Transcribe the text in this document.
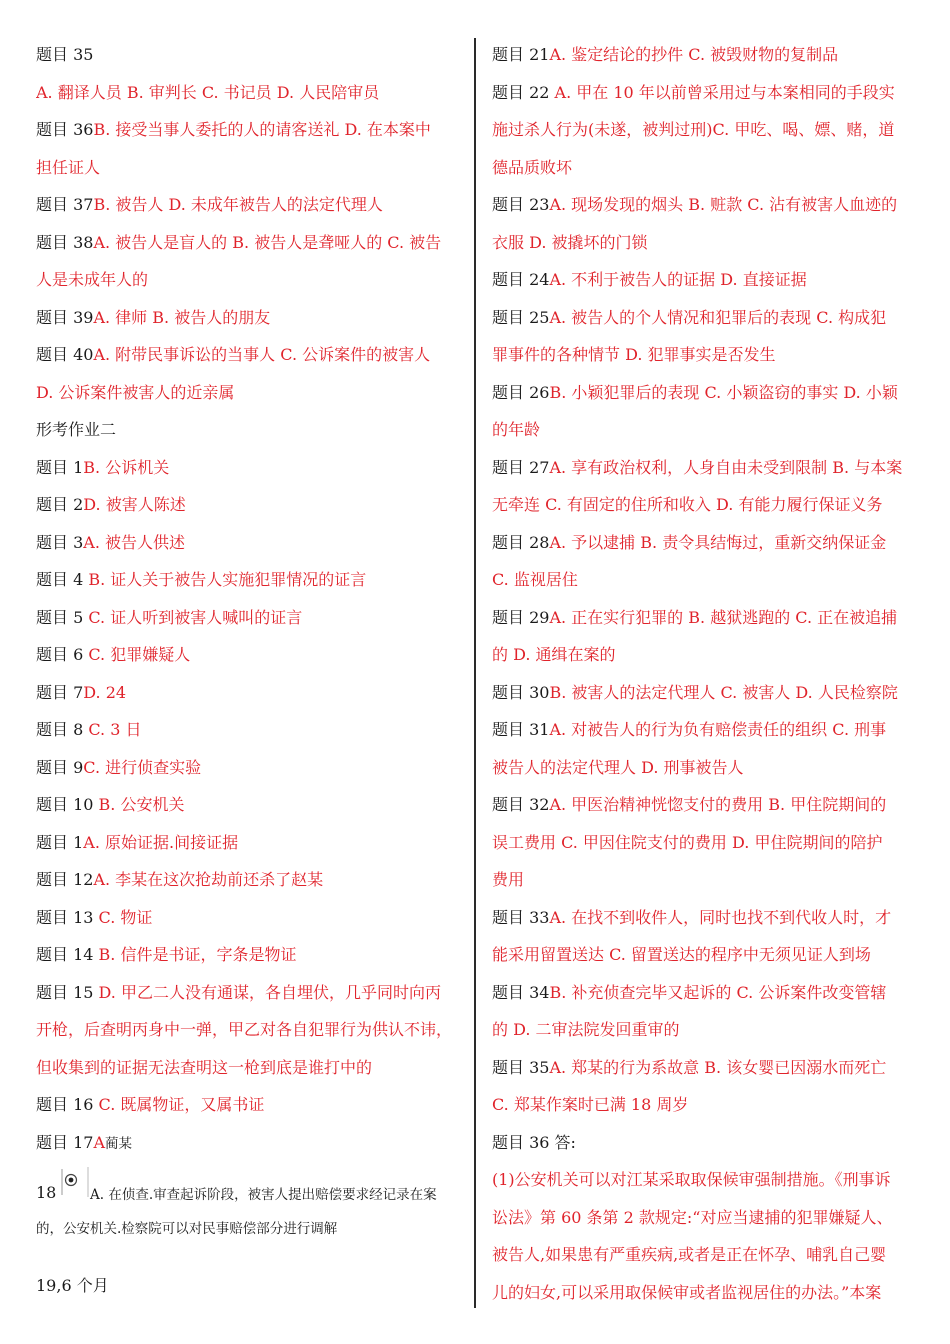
题目 35
A. 翻译人员 B. 审判长 C. 书记员 D. 人民陪审员
题目 36B. 接受当事人委托的人的请客送礼 D. 在本案中
担任证人
题目 37B. 被告人 D. 未成年被告人的法定代理人
题目 38A. 被告人是盲人的 B. 被告人是聋哑人的 C. 被告
人是未成年人的
题目 39A. 律师 B. 被告人的朋友
题目 40A. 附带民事诉讼的当事人 C. 公诉案件的被害人
D. 公诉案件被害人的近亲属
形考作业二
题目 1B. 公诉机关
题目 2D. 被害人陈述
题目 3A. 被告人供述
题目 4 B. 证人关于被告人实施犯罪情况的证言
题目 5 C. 证人听到被害人喊叫的证言
题目 6 C. 犯罪嫌疑人
题目 7D. 24
题目 8 C. 3 日
题目 9C. 进行侦查实验
题目 10 B. 公安机关
题目 1A. 原始证据.间接证据
题目 12A. 李某在这次抢劫前还杀了赵某
题目 13 C. 物证
题目 14 B. 信件是书证，字条是物证
题目 15 D. 甲乙二人没有通谋，各自埋伏，几乎同时向丙
开枪，后查明丙身中一弹，甲乙对各自犯罪行为供认不讳，
但收集到的证据无法查明这一枪到底是谁打中的
题目 16 C. 既属物证，又属书证
题目 17A蔺某
18 A. 在侦查.审查起诉阶段，被害人提出赔偿要求经记录在案
的，公安机关.检察院可以对民事赔偿部分进行调解
19,6 个月
题目 21A. 鉴定结论的抄件 C. 被毁财物的复制品
题目 22 A. 甲在 10 年以前曾采用过与本案相同的手段实
施过杀人行为(未遂，被判过刑)C. 甲吃、喝、嫖、赌，道
德品质败坏
题目 23A. 现场发现的烟头 B. 赃款 C. 沾有被害人血迹的
衣服 D. 被撬坏的门锁
题目 24A. 不利于被告人的证据 D. 直接证据
题目 25A. 被告人的个人情况和犯罪后的表现 C. 构成犯
罪事件的各种情节 D. 犯罪事实是否发生
题目 26B. 小颖犯罪后的表现 C. 小颖盗窃的事实 D. 小颖
的年龄
题目 27A. 享有政治权利，人身自由未受到限制 B. 与本案
无牵连 C. 有固定的住所和收入 D. 有能力履行保证义务
题目 28A. 予以逮捕 B. 责令具结悔过，重新交纳保证金
C. 监视居住
题目 29A. 正在实行犯罪的 B. 越狱逃跑的 C. 正在被追捕
的 D. 通缉在案的
题目 30B. 被害人的法定代理人 C. 被害人 D. 人民检察院
题目 31A. 对被告人的行为负有赔偿责任的组织 C. 刑事
被告人的法定代理人 D. 刑事被告人
题目 32A. 甲医治精神恍惚支付的费用 B. 甲住院期间的
误工费用 C. 甲因住院支付的费用 D. 甲住院期间的陪护
费用
题目 33A. 在找不到收件人，同时也找不到代收人时，才
能采用留置送达 C. 留置送达的程序中无须见证人到场
题目 34B. 补充侦查完毕又起诉的 C. 公诉案件改变管辖
的 D. 二审法院发回重审的
题目 35A. 郑某的行为系故意 B. 该女婴已因溺水而死亡
C. 郑某作案时已满 18 周岁
题目 36 答:
(1)公安机关可以对江某采取取保候审强制措施。《刑事诉
讼法》第 60 条第 2 款规定:“对应当逮捕的犯罪嫌疑人、
被告人,如果患有严重疾病,或者是正在怀孕、哺乳自己婴
儿的妇女,可以采用取保候审或者监视居住的办法。”本案
